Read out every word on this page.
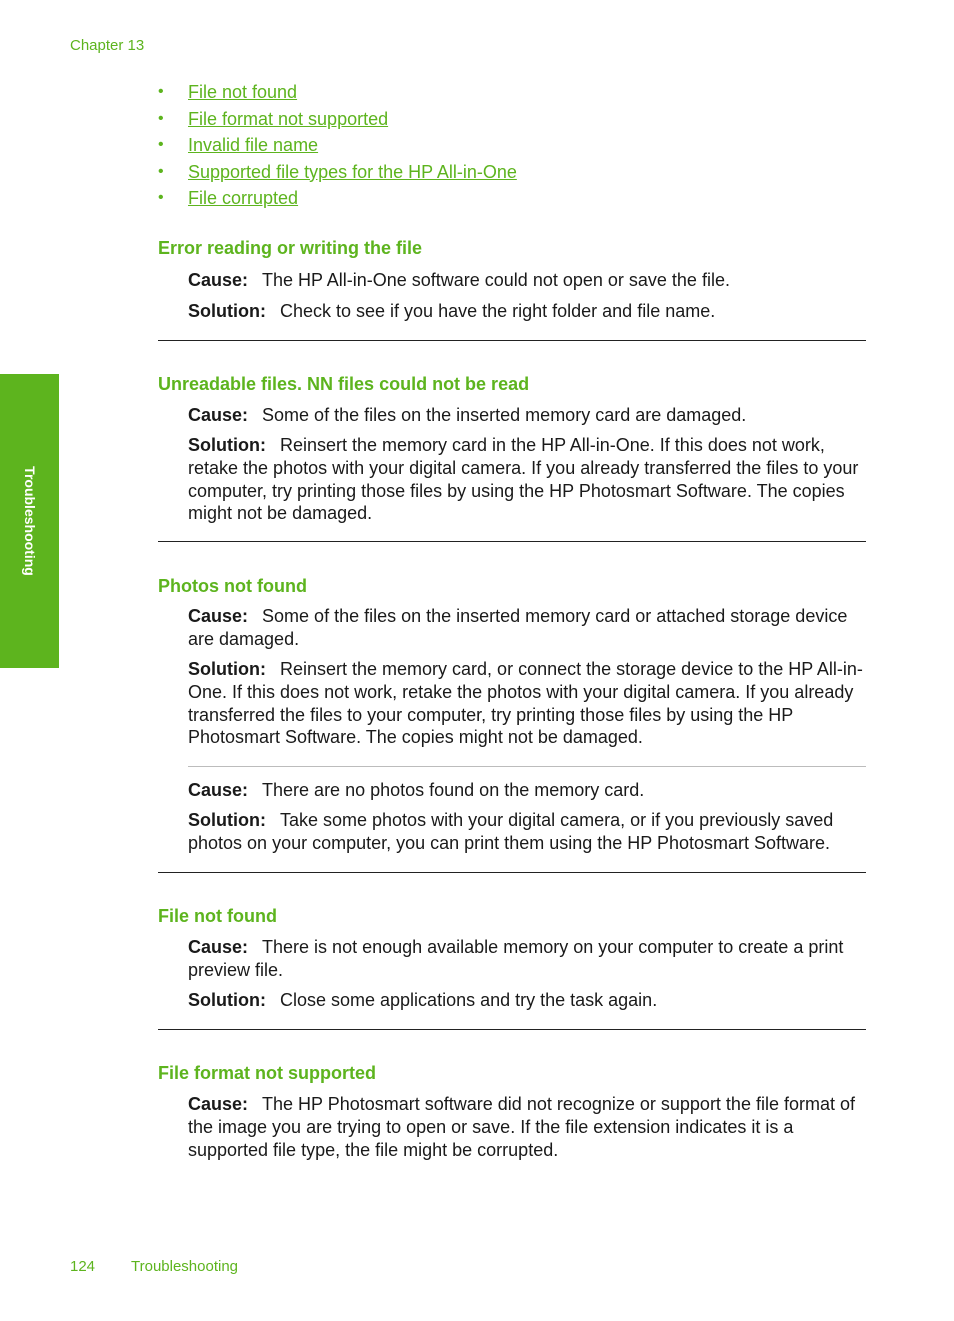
Chapter 13
Troubleshooting
• File not found
• File format not supported
• Invalid file name
• Supported file types for the HP All-in-One
• File corrupted
Error reading or writing the file
Cause: The HP All-in-One software could not open or save the file.
Solution: Check to see if you have the right folder and file name.
Unreadable files. NN files could not be read
Cause: Some of the files on the inserted memory card are damaged.
Solution: Reinsert the memory card in the HP All-in-One. If this does not work, retake the photos with your digital camera. If you already transferred the files to your computer, try printing those files by using the HP Photosmart Software. The copies might not be damaged.
Photos not found
Cause: Some of the files on the inserted memory card or attached storage device are damaged.
Solution: Reinsert the memory card, or connect the storage device to the HP All-in-One. If this does not work, retake the photos with your digital camera. If you already transferred the files to your computer, try printing those files by using the HP Photosmart Software. The copies might not be damaged.
Cause: There are no photos found on the memory card.
Solution: Take some photos with your digital camera, or if you previously saved photos on your computer, you can print them using the HP Photosmart Software.
File not found
Cause: There is not enough available memory on your computer to create a print preview file.
Solution: Close some applications and try the task again.
File format not supported
Cause: The HP Photosmart software did not recognize or support the file format of the image you are trying to open or save. If the file extension indicates it is a supported file type, the file might be corrupted.
124 Troubleshooting
